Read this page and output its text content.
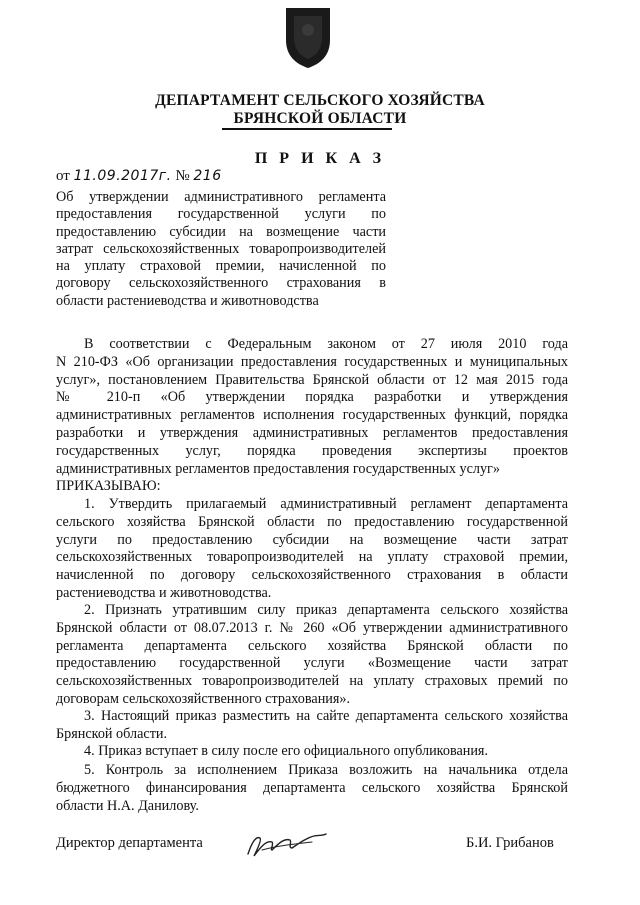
ДЕПАРТАМЕНТ СЕЛЬСКОГО ХОЗЯЙСТВА
БРЯНСКОЙ ОБЛАСТИ
П Р И К А З
от 11.09.2017г. № 216
Об утверждении административного регламента
предоставления государственной услуги по
предоставлению субсидии на возмещение части
затрат сельскохозяйственных товаропроизводителей
на уплату страховой премии, начисленной по
договору сельскохозяйственного страхования в
области растениеводства и животноводства
В соответствии с Федеральным законом от 27 июля 2010 года
N 210-ФЗ «Об организации предоставления государственных и муниципальных
услуг», постановлением Правительства Брянской области от 12 мая 2015 года
№ 210-п «Об утверждении порядка разработки и утверждения
административных регламентов исполнения государственных функций, порядка
разработки и утверждения административных регламентов предоставления
государственных услуг, порядка проведения экспертизы проектов
административных регламентов предоставления государственных услуг»
ПРИКАЗЫВАЮ:
1. Утвердить прилагаемый административный регламент департамента
сельского хозяйства Брянской области по предоставлению государственной
услуги по предоставлению субсидии на возмещение части затрат
сельскохозяйственных товаропроизводителей на уплату страховой премии,
начисленной по договору сельскохозяйственного страхования в области
растениеводства и животноводства.
2. Признать утратившим силу приказ департамента сельского хозяйства
Брянской области от 08.07.2013 г. № 260 «Об утверждении административного
регламента департамента сельского хозяйства Брянской области по
предоставлению государственной услуги «Возмещение части затрат
сельскохозяйственных товаропроизводителей на уплату страховых премий по
договорам сельскохозяйственного страхования».
3. Настоящий приказ разместить на сайте департамента сельского хозяйства
Брянской области.
4. Приказ вступает в силу после его официального опубликования.
5. Контроль за исполнением Приказа возложить на начальника отдела
бюджетного финансирования департамента сельского хозяйства Брянской
области Н.А. Данилову.
Директор департамента	Б.И. Грибанов
